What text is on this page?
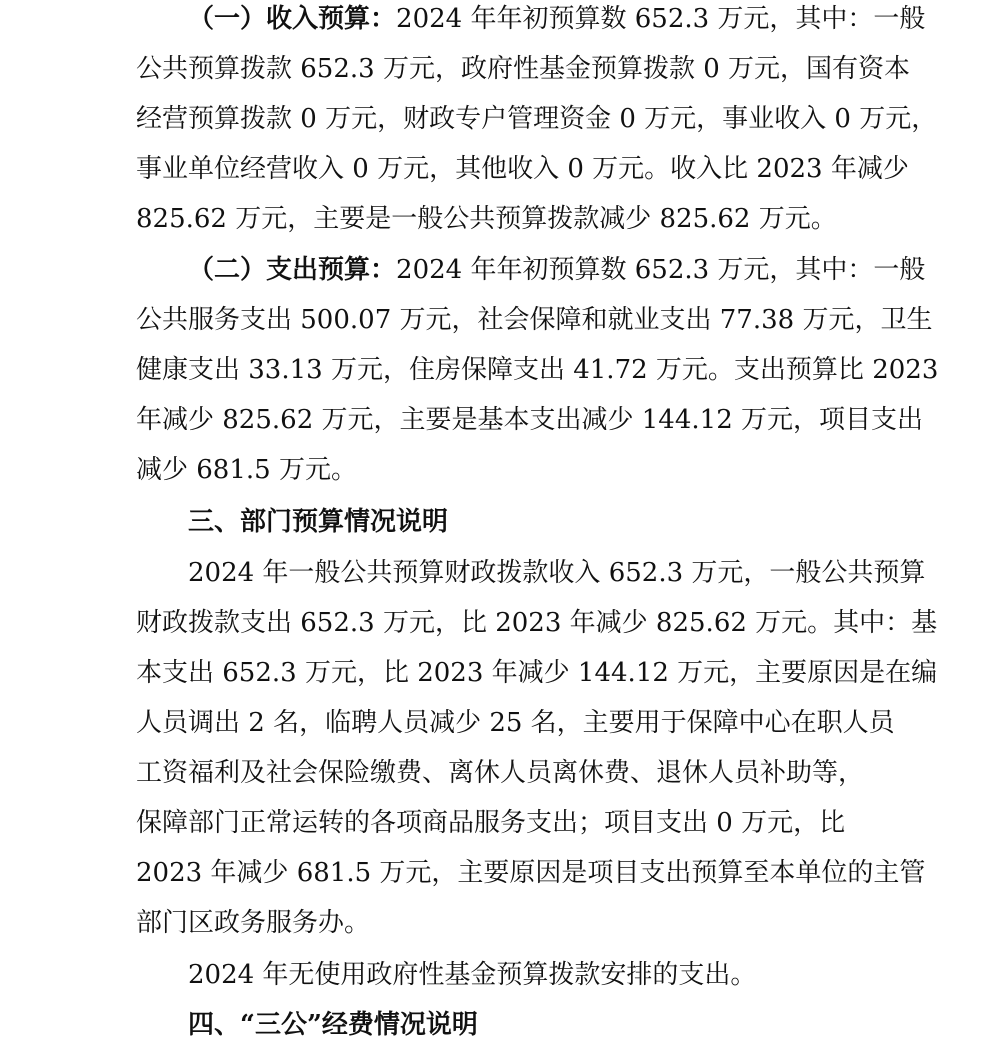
（一）收入预算：2024 年年初预算数 652.3 万元，其中：一般
公共预算拨款 652.3 万元，政府性基金预算拨款 0 万元，国有资本
经营预算拨款 0 万元，财政专户管理资金 0 万元，事业收入 0 万元，
事业单位经营收入 0 万元，其他收入 0 万元。收入比 2023 年减少
825.62 万元，主要是一般公共预算拨款减少 825.62 万元。
（二）支出预算：2024 年年初预算数 652.3 万元，其中：一般
公共服务支出 500.07 万元，社会保障和就业支出 77.38 万元，卫生
健康支出 33.13 万元，住房保障支出 41.72 万元。支出预算比 2023
年减少 825.62 万元，主要是基本支出减少 144.12 万元，项目支出
减少 681.5 万元。
三、部门预算情况说明
2024 年一般公共预算财政拨款收入 652.3 万元，一般公共预算
财政拨款支出 652.3 万元，比 2023 年减少 825.62 万元。其中：基
本支出 652.3 万元，比 2023 年减少 144.12 万元，主要原因是在编
人员调出 2 名，临聘人员减少 25 名，主要用于保障中心在职人员
工资福利及社会保险缴费、离休人员离休费、退休人员补助等，
保障部门正常运转的各项商品服务支出；项目支出 0 万元，比
2023 年减少 681.5 万元，主要原因是项目支出预算至本单位的主管
部门区政务服务办。
2024 年无使用政府性基金预算拨款安排的支出。
四、“三公”经费情况说明
